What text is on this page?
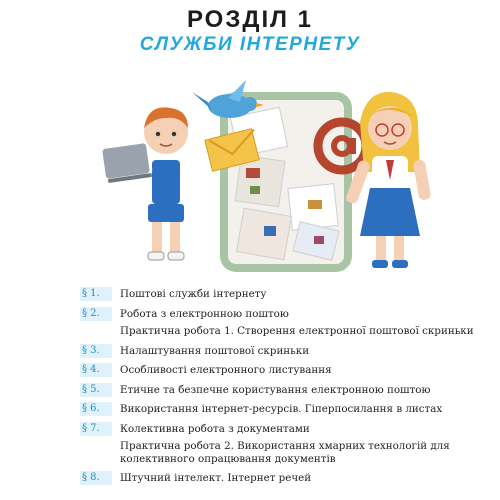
РОЗДІЛ 1
СЛУЖБИ ІНТЕРНЕТУ
§ 1.	Поштові служби інтернету
§ 2.	Робота з електронною поштою
Практична робота 1. Створення електронної поштової скриньки
§ 3.	Налаштування поштової скриньки
§ 4.	Особливості електронного листування
§ 5.	Етичне та безпечне користування електронною поштою
§ 6.	Використання інтернет-ресурсів. Гіперпосилання в листах
§ 7.	Колективна робота з документами
Практична робота 2. Використання хмарних технологій для колективного опрацювання документів
§ 8.	Штучний інтелект. Інтернет речей
